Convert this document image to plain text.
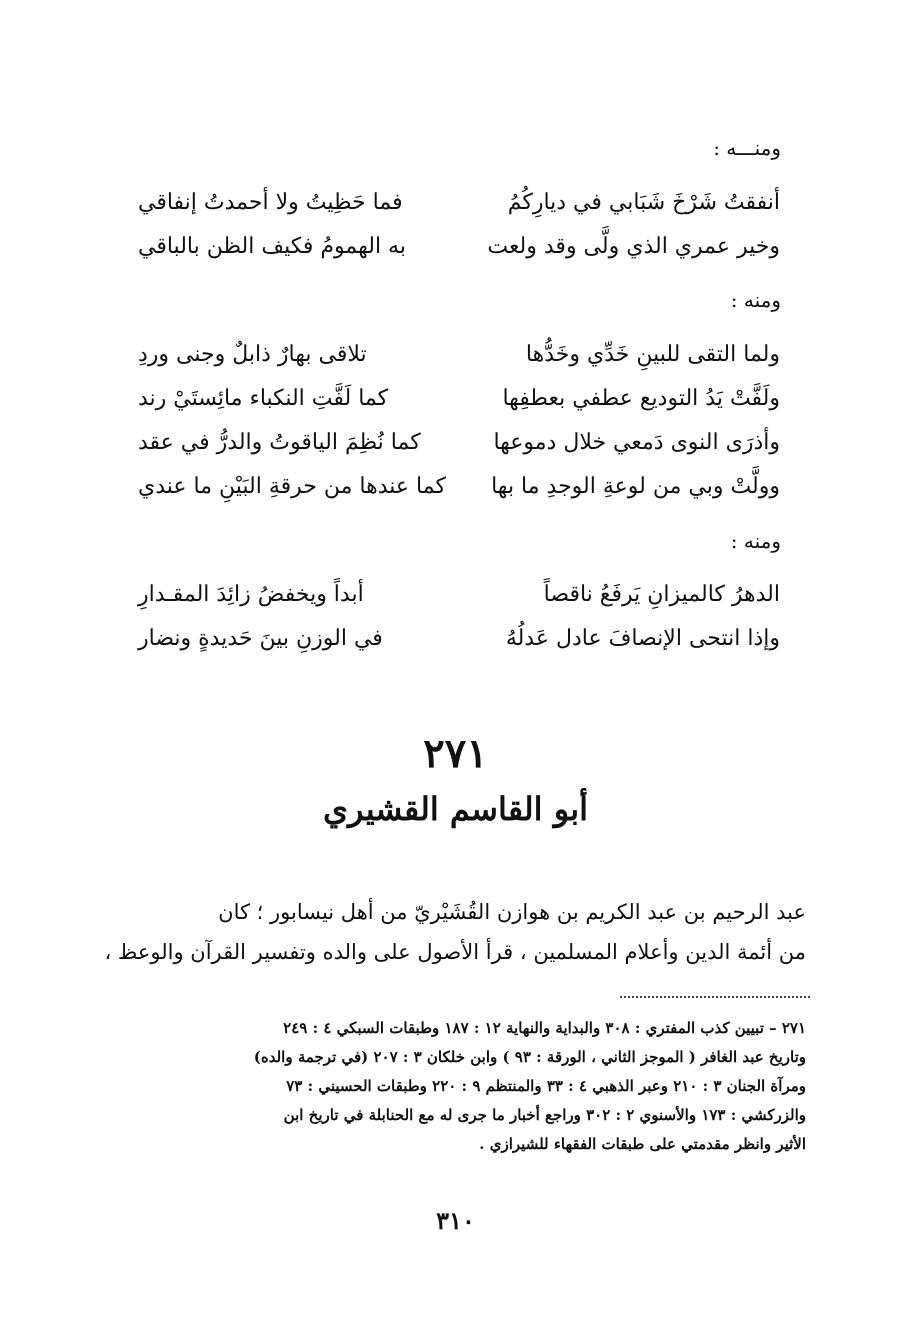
ومنـــه :
أنفقتُ شَرْخَ شَبَابي في ديارِكُمُ
فما حَظِيتُ ولا أحمدتُ إنفاقي
وخير عمري الذي ولَّى وقد ولعت
به الهمومُ فكيف الظن بالباقي
ومنه :
ولما التقى للبينِ خَدِّي وخَدُّها
تلاقى بهارٌ ذابلٌ وجنى وردِ
ولَفَّتْ يَدُ التوديع عطفي بعطفِها
كما لَفَّتِ النكباء مائِستَيْ رند
وأذرَى النوى دَمعي خلال دموعها
كما نُظِمَ الياقوتُ والدرُّ في عقد
وولَّتْ وبي من لوعةِ الوجدِ ما بها
كما عندها من حرقةِ البَيْنِ ما عندي
ومنه :
الدهرُ كالميزانِ يَرفَعُ ناقصاً
أبداً ويخفضُ زائِدَ المقـدارِ
وإذا انتحى الإنصافَ عادل عَدلُهُ
في الوزنِ بينَ حَديدةٍ ونضار
٢٧١
أبو القاسم القشيري
عبد الرحيم بن عبد الكريم بن هوازن القُشَيْريّ من أهل نيسابور ؛ كان
من أئمة الدين وأعلام المسلمين ، قرأ الأصول على والده وتفسير القرآن والوعظ ،
٢٧١ – تبيين كذب المفتري : ٣٠٨ والبداية والنهاية ١٢ : ١٨٧ وطبقات السبكي ٤ : ٢٤٩
وتاريخ عبد الغافر ( الموجز الثاني ، الورقة : ٩٣ ) وابن خلكان ٣ : ٢٠٧ (في ترجمة والده)
ومرآة الجنان ٣ : ٢١٠ وعبر الذهبي ٤ : ٣٣ والمنتظم ٩ : ٢٢٠ وطبقات الحسيني : ٧٣
والزركشي : ١٧٣ والأسنوي ٢ : ٣٠٢ وراجع أخبار ما جرى له مع الحنابلة في تاريخ ابن
الأثير وانظر مقدمتي على طبقات الفقهاء للشيرازي .
٣١٠
